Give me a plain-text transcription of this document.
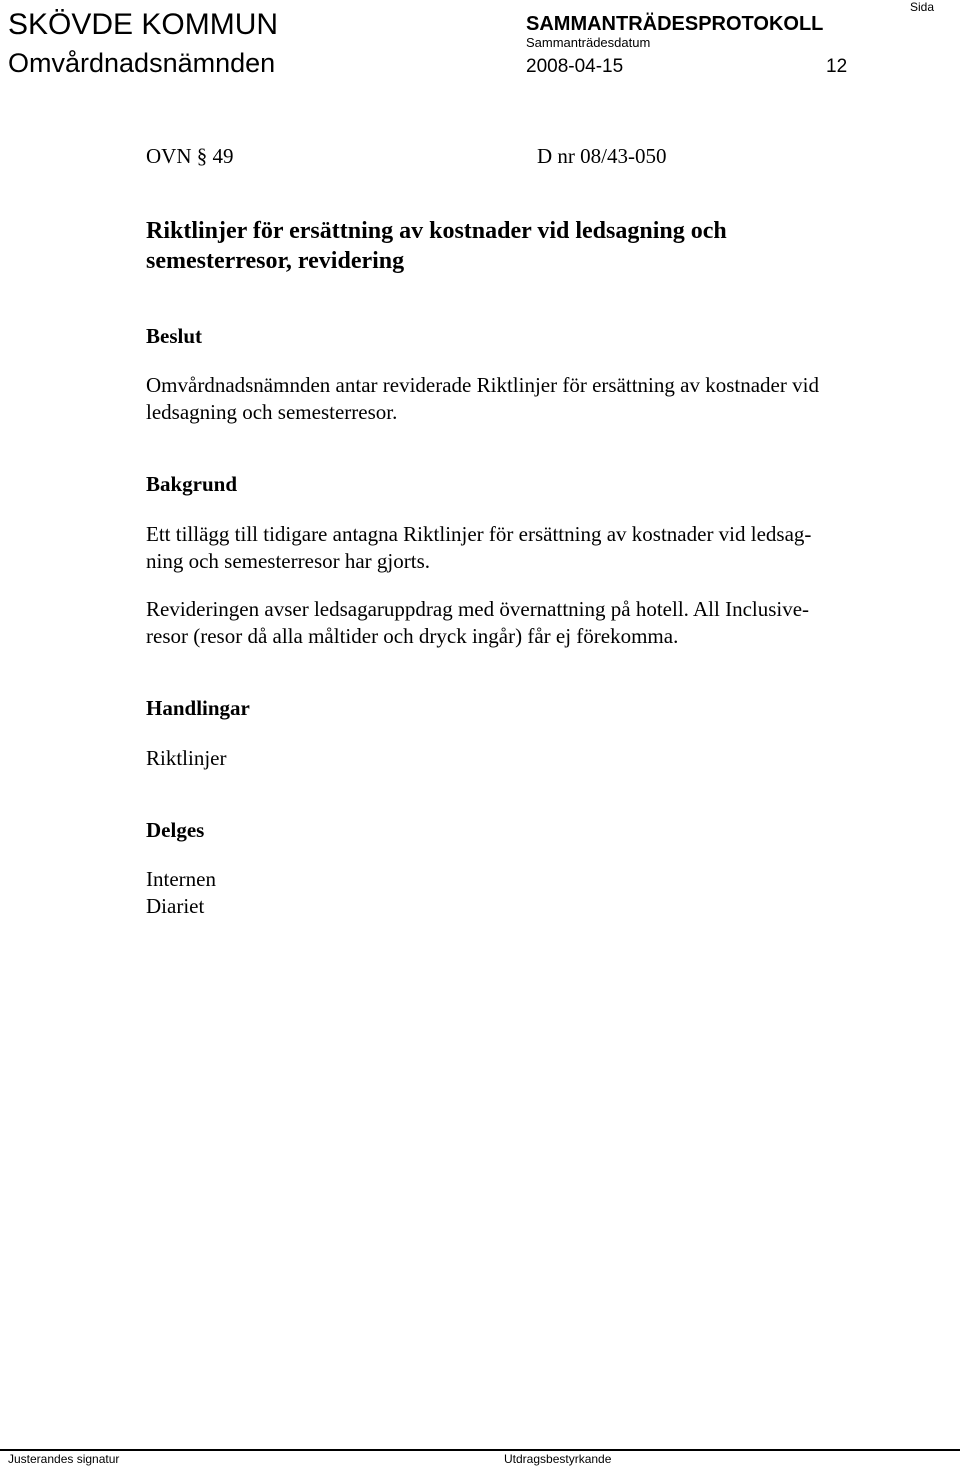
SKÖVDE KOMMUN
Omvårdnadsnämnden
SAMMANTRÄDESPROTOKOLL
Sammanträdesdatum
2008-04-15	12
Sida
OVN § 49	D nr 08/43-050
Riktlinjer för ersättning av kostnader vid ledsagning och semesterresor, revidering
Beslut
Omvårdnadsnämnden antar reviderade Riktlinjer för ersättning av kostnader vid
ledsagning och semesterresor.
Bakgrund
Ett tillägg till tidigare antagna Riktlinjer för ersättning av kostnader vid ledsag-
ning och semesterresor har gjorts.
Revideringen avser ledsagaruppdrag med övernattning på hotell. All Inclusive-
resor (resor då alla måltider och dryck ingår) får ej förekomma.
Handlingar
Riktlinjer
Delges
Internen
Diariet
Justerandes signatur	Utdragsbestyrkande
